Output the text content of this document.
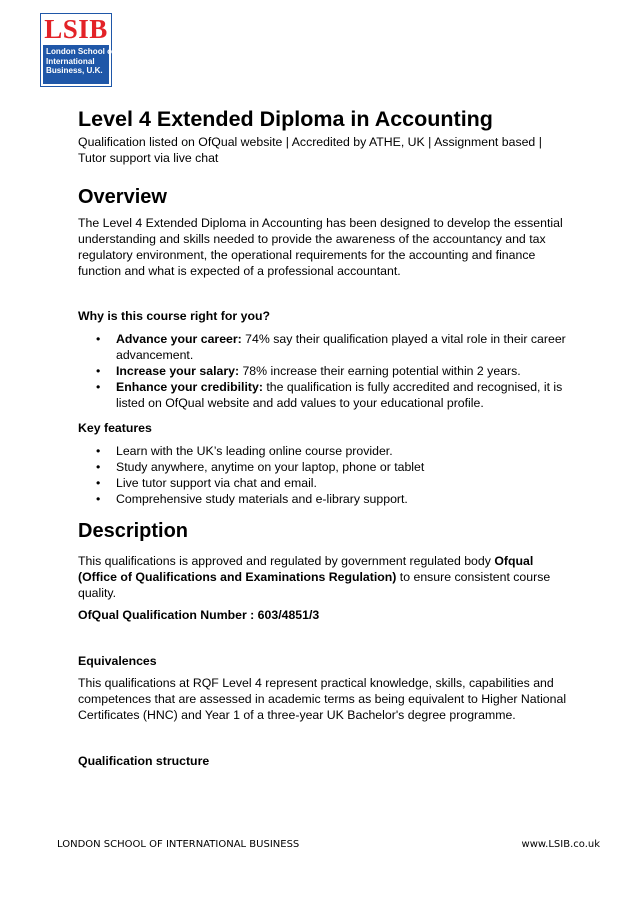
LSIB
London School of
International
Business, U.K.
Level 4 Extended Diploma in Accounting

Qualification listed on OfQual website | Accredited by ATHE, UK | Assignment based | Tutor support via live chat

Overview

The Level 4 Extended Diploma in Accounting has been designed to develop the essential understanding and skills needed to provide the awareness of the accountancy and tax regulatory environment, the operational requirements for the accounting and finance function and what is expected of a professional accountant.

Why is this course right for you?

• Advance your career: 74% say their qualification played a vital role in their career advancement.
• Increase your salary: 78% increase their earning potential within 2 years.
• Enhance your credibility: the qualification is fully accredited and recognised, it is listed on OfQual website and add values to your educational profile.

Key features

• Learn with the UK’s leading online course provider.
• Study anywhere, anytime on your laptop, phone or tablet
• Live tutor support via chat and email.
• Comprehensive study materials and e-library support.
Description

This qualifications is approved and regulated by government regulated body Ofqual (Office of Qualifications and Examinations Regulation) to ensure consistent course quality.

OfQual Qualification Number : 603/4851/3

Equivalences

This qualifications at RQF Level 4 represent practical knowledge, skills, capabilities and competences that are assessed in academic terms as being equivalent to Higher National Certificates (HNC) and Year 1 of a three-year UK Bachelor's degree programme.

Qualification structure

LONDON SCHOOL OF INTERNATIONAL BUSINESS	www.LSIB.co.uk
